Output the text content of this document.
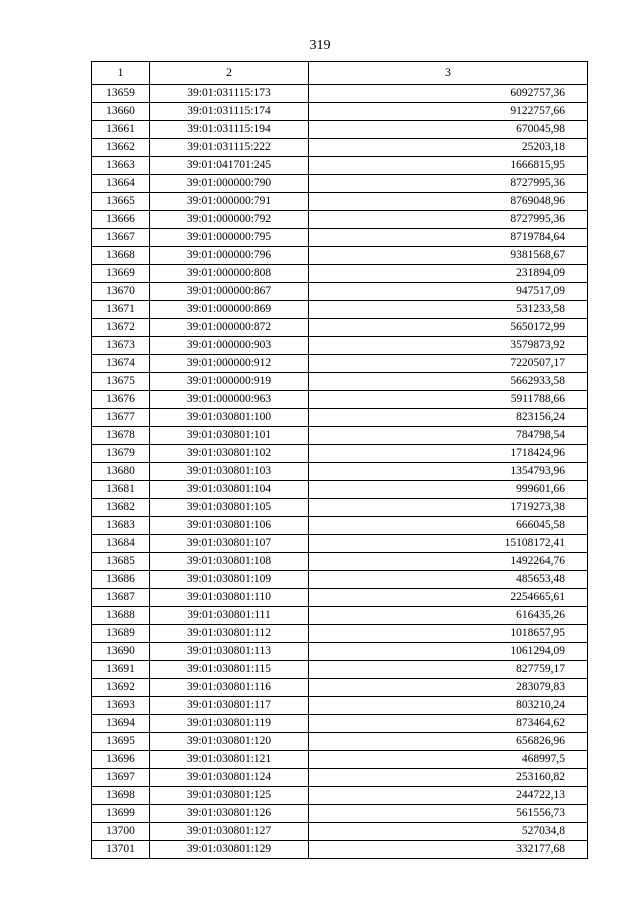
319
1	2	3
13659	39:01:031115:173	6092757,36
13660	39:01:031115:174	9122757,66
13661	39:01:031115:194	670045,98
13662	39:01:031115:222	25203,18
13663	39:01:041701:245	1666815,95
13664	39:01:000000:790	8727995,36
13665	39:01:000000:791	8769048,96
13666	39:01:000000:792	8727995,36
13667	39:01:000000:795	8719784,64
13668	39:01:000000:796	9381568,67
13669	39:01:000000:808	231894,09
13670	39:01:000000:867	947517,09
13671	39:01:000000:869	531233,58
13672	39:01:000000:872	5650172,99
13673	39:01:000000:903	3579873,92
13674	39:01:000000:912	7220507,17
13675	39:01:000000:919	5662933,58
13676	39:01:000000:963	5911788,66
13677	39:01:030801:100	823156,24
13678	39:01:030801:101	784798,54
13679	39:01:030801:102	1718424,96
13680	39:01:030801:103	1354793,96
13681	39:01:030801:104	999601,66
13682	39:01:030801:105	1719273,38
13683	39:01:030801:106	666045,58
13684	39:01:030801:107	15108172,41
13685	39:01:030801:108	1492264,76
13686	39:01:030801:109	485653,48
13687	39:01:030801:110	2254665,61
13688	39:01:030801:111	616435,26
13689	39:01:030801:112	1018657,95
13690	39:01:030801:113	1061294,09
13691	39:01:030801:115	827759,17
13692	39:01:030801:116	283079,83
13693	39:01:030801:117	803210,24
13694	39:01:030801:119	873464,62
13695	39:01:030801:120	656826,96
13696	39:01:030801:121	468997,5
13697	39:01:030801:124	253160,82
13698	39:01:030801:125	244722,13
13699	39:01:030801:126	561556,73
13700	39:01:030801:127	527034,8
13701	39:01:030801:129	332177,68
